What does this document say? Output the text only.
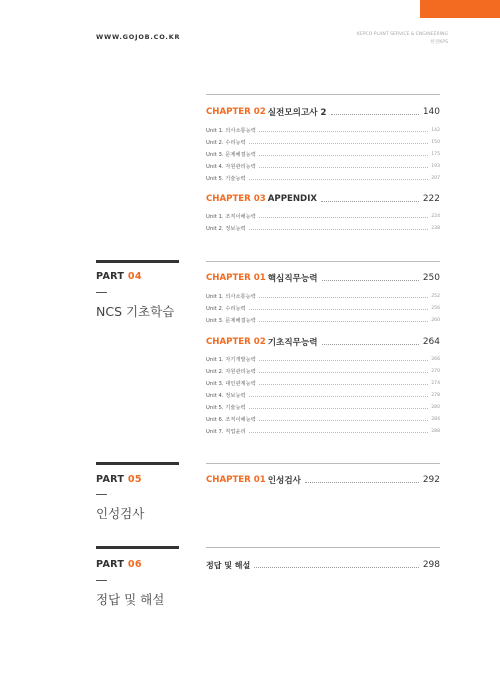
WWW.GOJOB.CO.KR	KEPCO PLANT SERVICE & ENGINEERING
한전KPS
CHAPTER 02 실전모의고사 2	140
Unit 1. 의사소통능력	142
Unit 2. 수리능력	150
Unit 3. 문제해결능력	175
Unit 4. 자원관리능력	193
Unit 5. 기술능력	207
CHAPTER 03 APPENDIX	222
Unit 1. 조직이해능력	224
Unit 2. 정보능력	238
PART 04
NCS 기초학습
CHAPTER 01 핵심직무능력	250
Unit 1. 의사소통능력	252
Unit 2. 수리능력	256
Unit 3. 문제해결능력	260
CHAPTER 02 기초직무능력	264
Unit 1. 자기개발능력	266
Unit 2. 자원관리능력	270
Unit 3. 대인관계능력	274
Unit 4. 정보능력	278
Unit 5. 기술능력	280
Unit 6. 조직이해능력	284
Unit 7. 직업윤리	288
PART 05
인성검사
CHAPTER 01 인성검사	292
PART 06
정답 및 해설
정답 및 해설	298
